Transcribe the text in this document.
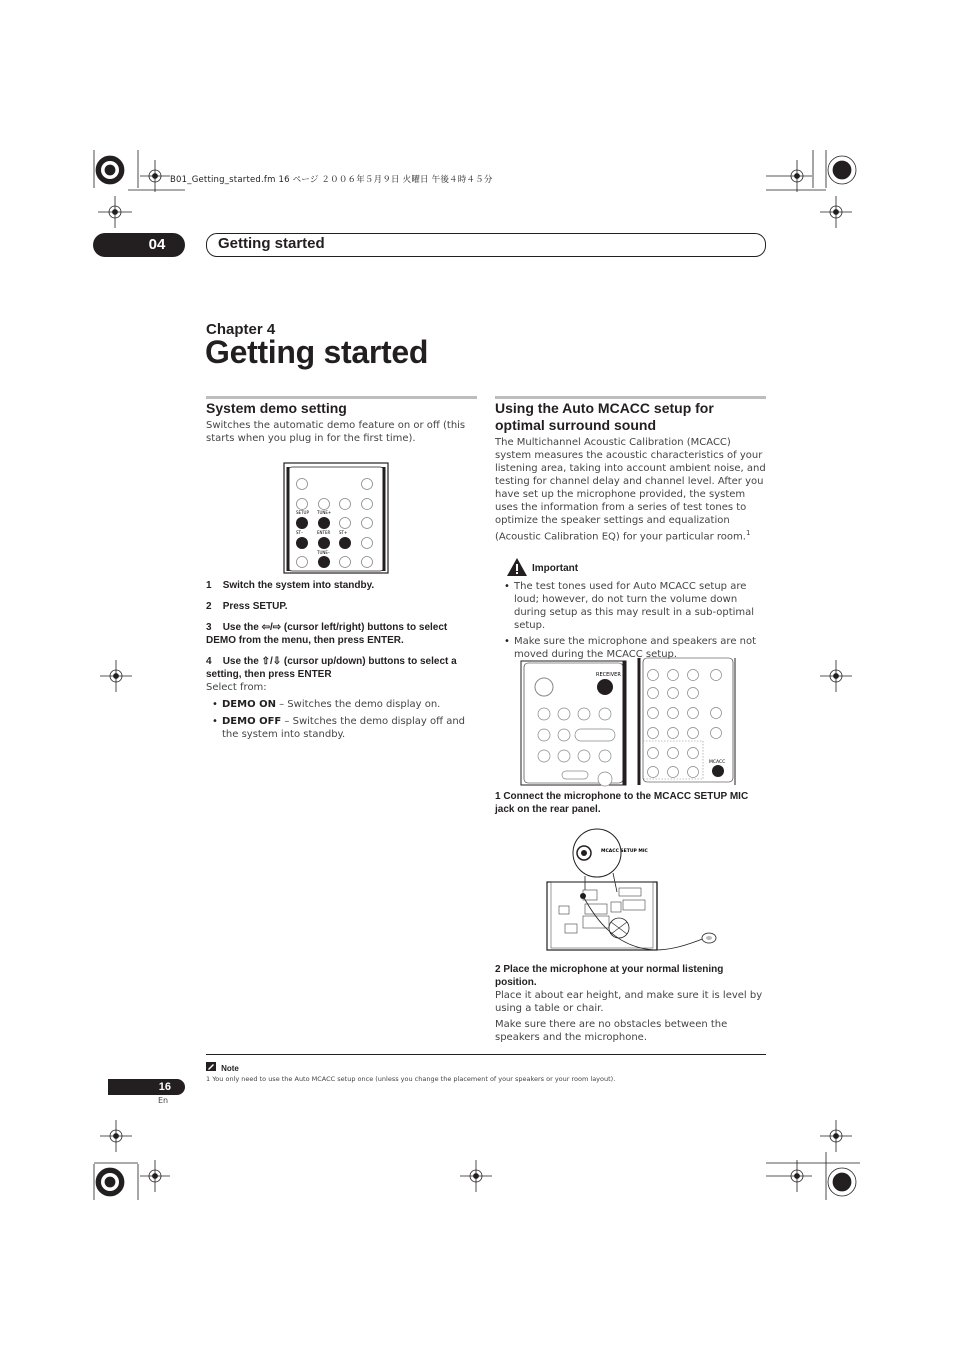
B01_Getting_started.fm 16 ページ ２００６年５月９日 火曜日 午後４時４５分
04	Getting started
Chapter 4
Getting started
System demo setting
Switches the automatic demo feature on or off (this starts when you plug in for the first time).
SETUP TUNE+
ST–	ENTER ST+
TUNE–
1 Switch the system into standby.
2 Press SETUP.
3 Use the ⇦/⇨ (cursor left/right) buttons to select DEMO from the menu, then press ENTER.
4 Use the ⇧/⇩ (cursor up/down) buttons to select a setting, then press ENTER
Select from:
• DEMO ON – Switches the demo display on.
• DEMO OFF – Switches the demo display off and the system into standby.
Using the Auto MCACC setup for optimal surround sound
The Multichannel Acoustic Calibration (MCACC) system measures the acoustic characteristics of your listening area, taking into account ambient noise, and testing for channel delay and channel level. After you have set up the microphone provided, the system uses the information from a series of test tones to optimize the speaker settings and equalization (Acoustic Calibration EQ) for your particular room.$^1$
Important
• The test tones used for Auto MCACC setup are loud; however, do not turn the volume down during setup as this may result in a sub-optimal setup.
• Make sure the microphone and speakers are not moved during the MCACC setup.
RECEIVER
MCACC
1 Connect the microphone to the MCACC SETUP MIC jack on the rear panel.
MCACC SETUP MIC
2 Place the microphone at your normal listening position.
Place it about ear height, and make sure it is level by using a table or chair.
Make sure there are no obstacles between the speakers and the microphone.
Note
1 You only need to use the Auto MCACC setup once (unless you change the placement of your speakers or your room layout).
16
En
